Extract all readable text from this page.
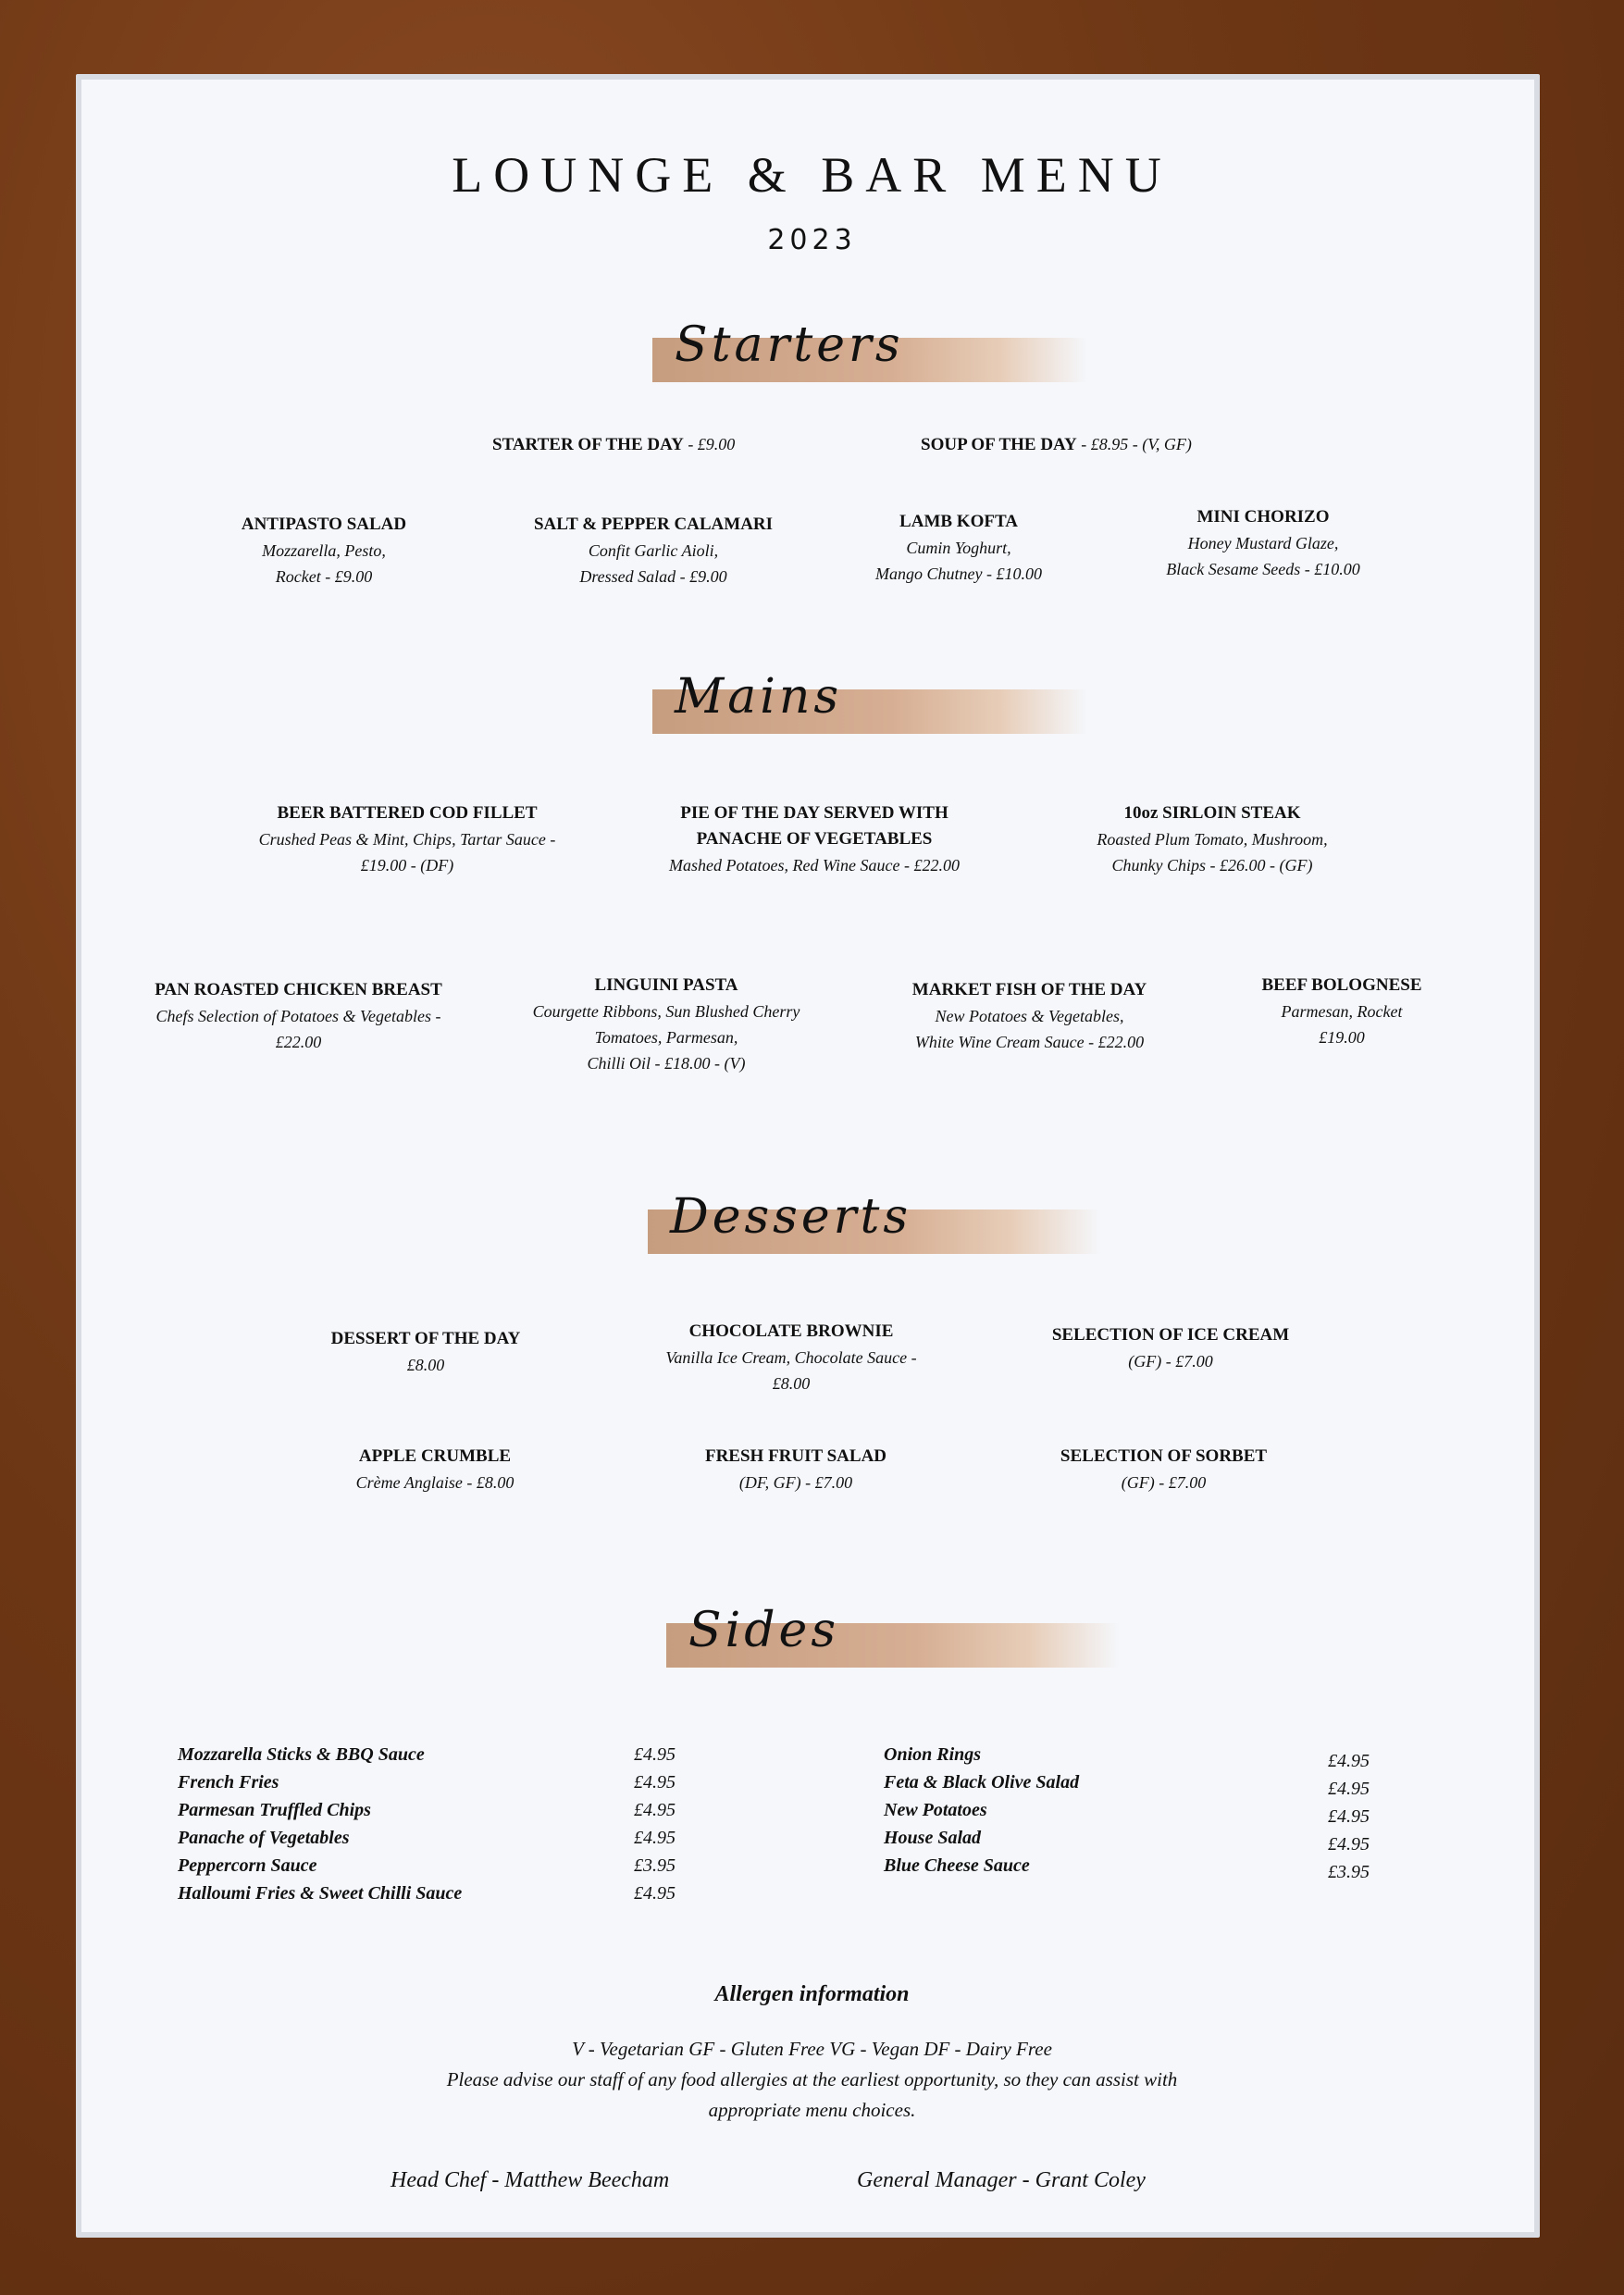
LOUNGE & BAR MENU
2023
Starters
STARTER OF THE DAY - £9.00	SOUP OF THE DAY - £8.95 - (V, GF)
ANTIPASTO SALAD
Mozzarella, Pesto,
Rocket - £9.00
SALT & PEPPER CALAMARI
Confit Garlic Aioli,
Dressed Salad - £9.00
LAMB KOFTA
Cumin Yoghurt,
Mango Chutney - £10.00
MINI CHORIZO
Honey Mustard Glaze,
Black Sesame Seeds - £10.00
Mains
BEER BATTERED COD FILLET
Crushed Peas & Mint, Chips, Tartar Sauce -
£19.00 - (DF)
PIE OF THE DAY SERVED WITH
PANACHE OF VEGETABLES
Mashed Potatoes, Red Wine Sauce - £22.00
10oz SIRLOIN STEAK
Roasted Plum Tomato, Mushroom,
Chunky Chips - £26.00 - (GF)
PAN ROASTED CHICKEN BREAST
Chefs Selection of Potatoes & Vegetables -
£22.00
LINGUINI PASTA
Courgette Ribbons, Sun Blushed Cherry
Tomatoes, Parmesan,
Chilli Oil - £18.00 - (V)
MARKET FISH OF THE DAY
New Potatoes & Vegetables,
White Wine Cream Sauce - £22.00
BEEF BOLOGNESE
Parmesan, Rocket
£19.00
Desserts
DESSERT OF THE DAY
£8.00
CHOCOLATE BROWNIE
Vanilla Ice Cream, Chocolate Sauce -
£8.00
SELECTION OF ICE CREAM
(GF) - £7.00
APPLE CRUMBLE
Crème Anglaise - £8.00
FRESH FRUIT SALAD
(DF, GF) - £7.00
SELECTION OF SORBET
(GF) - £7.00
Sides
Mozzarella Sticks & BBQ Sauce
French Fries
Parmesan Truffled Chips
Panache of Vegetables
Peppercorn Sauce
Halloumi Fries & Sweet Chilli Sauce
£4.95
£4.95
£4.95
£4.95
£3.95
£4.95
Onion Rings
Feta & Black Olive Salad
New Potatoes
House Salad
Blue Cheese Sauce
£4.95
£4.95
£4.95
£4.95
£3.95
Allergen information
V - Vegetarian GF - Gluten Free VG - Vegan DF - Dairy Free
Please advise our staff of any food allergies at the earliest opportunity, so they can assist with
appropriate menu choices.
Head Chef - Matthew Beecham	General Manager - Grant Coley
